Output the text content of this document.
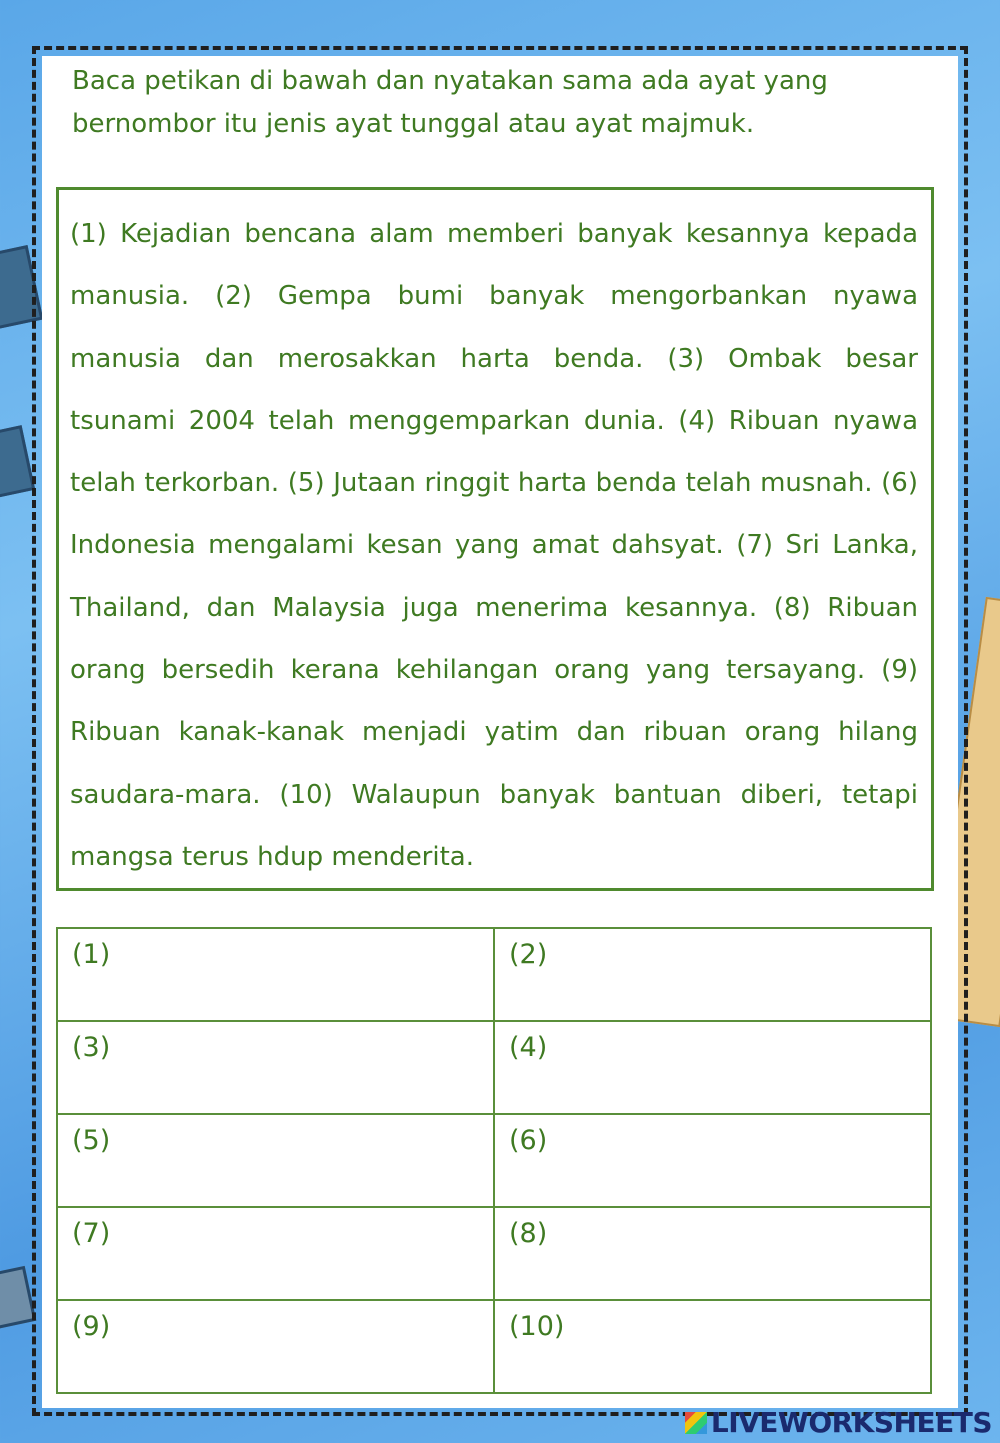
Baca petikan di bawah dan nyatakan sama ada ayat yang bernombor itu jenis ayat tunggal atau ayat majmuk.
(1) Kejadian bencana alam memberi banyak kesannya kepada manusia. (2) Gempa bumi banyak mengorbankan nyawa manusia dan merosakkan harta benda. (3) Ombak besar tsunami 2004 telah menggemparkan dunia. (4) Ribuan nyawa telah terkorban. (5) Jutaan ringgit harta benda telah musnah. (6) Indonesia mengalami kesan yang amat dahsyat. (7) Sri Lanka, Thailand, dan Malaysia juga menerima kesannya. (8) Ribuan orang bersedih kerana kehilangan orang yang tersayang. (9) Ribuan kanak-kanak menjadi yatim dan ribuan orang hilang saudara-mara. (10) Walaupun banyak bantuan diberi, tetapi mangsa terus hdup menderita.
(1)	(2)
(3)	(4)
(5)	(6)
(7)	(8)
(9)	(10)
LIVEWORKSHEETS
